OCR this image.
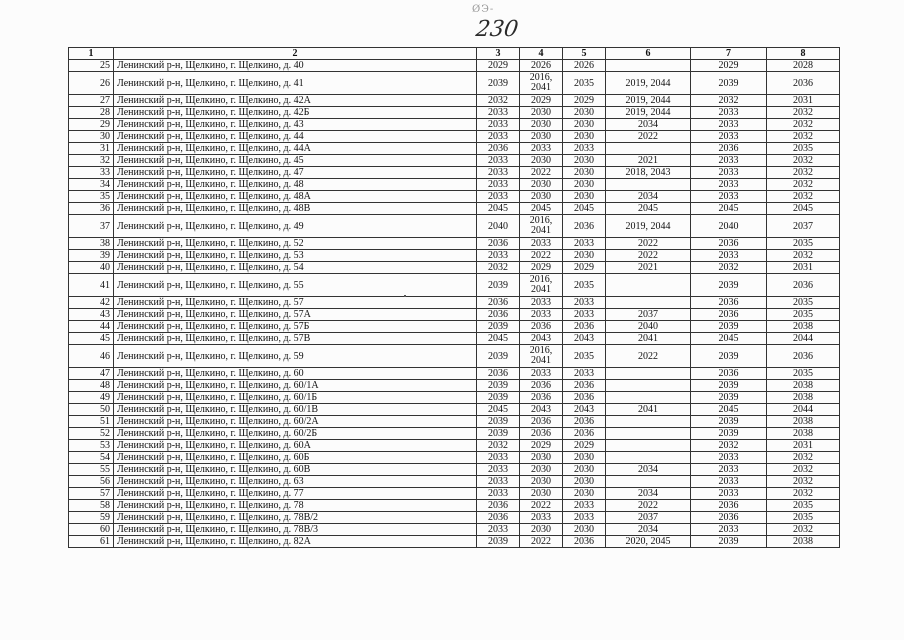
ØЭ-
230
1	2	3	4	5	6	7	8
25	Ленинский р-н, Щелкино, г. Щелкино, д. 40	2029	2026	2026		2029	2028
26	Ленинский р-н, Щелкино, г. Щелкино, д. 41	2039	2016,
2041	2035	2019, 2044	2039	2036
27	Ленинский р-н, Щелкино, г. Щелкино, д. 42А	2032	2029	2029	2019, 2044	2032	2031
28	Ленинский р-н, Щелкино, г. Щелкино, д. 42Б	2033	2030	2030	2019, 2044	2033	2032
29	Ленинский р-н, Щелкино, г. Щелкино, д. 43	2033	2030	2030	2034	2033	2032
30	Ленинский р-н, Щелкино, г. Щелкино, д. 44	2033	2030	2030	2022	2033	2032
31	Ленинский р-н, Щелкино, г. Щелкино, д. 44А	2036	2033	2033		2036	2035
32	Ленинский р-н, Щелкино, г. Щелкино, д. 45	2033	2030	2030	2021	2033	2032
33	Ленинский р-н, Щелкино, г. Щелкино, д. 47	2033	2022	2030	2018, 2043	2033	2032
34	Ленинский р-н, Щелкино, г. Щелкино, д. 48	2033	2030	2030		2033	2032
35	Ленинский р-н, Щелкино, г. Щелкино, д. 48А	2033	2030	2030	2034	2033	2032
36	Ленинский р-н, Щелкино, г. Щелкино, д. 48В	2045	2045	2045	2045	2045	2045
37	Ленинский р-н, Щелкино, г. Щелкино, д. 49	2040	2016,
2041	2036	2019, 2044	2040	2037
38	Ленинский р-н, Щелкино, г. Щелкино, д. 52	2036	2033	2033	2022	2036	2035
39	Ленинский р-н, Щелкино, г. Щелкино, д. 53	2033	2022	2030	2022	2033	2032
40	Ленинский р-н, Щелкино, г. Щелкино, д. 54	2032	2029	2029	2021	2032	2031
41	Ленинский р-н, Щелкино, г. Щелкино, д. 55	2039	2016,
2041	2035		2039	2036
42	Ленинский р-н, Щелкино, г. Щелкино, д. 57	2036	2033	2033		2036	2035
43	Ленинский р-н, Щелкино, г. Щелкино, д. 57А	2036	2033	2033	2037	2036	2035
44	Ленинский р-н, Щелкино, г. Щелкино, д. 57Б	2039	2036	2036	2040	2039	2038
45	Ленинский р-н, Щелкино, г. Щелкино, д. 57В	2045	2043	2043	2041	2045	2044
46	Ленинский р-н, Щелкино, г. Щелкино, д. 59	2039	2016,
2041	2035	2022	2039	2036
47	Ленинский р-н, Щелкино, г. Щелкино, д. 60	2036	2033	2033		2036	2035
48	Ленинский р-н, Щелкино, г. Щелкино, д. 60/1А	2039	2036	2036		2039	2038
49	Ленинский р-н, Щелкино, г. Щелкино, д. 60/1Б	2039	2036	2036		2039	2038
50	Ленинский р-н, Щелкино, г. Щелкино, д. 60/1В	2045	2043	2043	2041	2045	2044
51	Ленинский р-н, Щелкино, г. Щелкино, д. 60/2А	2039	2036	2036		2039	2038
52	Ленинский р-н, Щелкино, г. Щелкино, д. 60/2Б	2039	2036	2036		2039	2038
53	Ленинский р-н, Щелкино, г. Щелкино, д. 60А	2032	2029	2029		2032	2031
54	Ленинский р-н, Щелкино, г. Щелкино, д. 60Б	2033	2030	2030		2033	2032
55	Ленинский р-н, Щелкино, г. Щелкино, д. 60В	2033	2030	2030	2034	2033	2032
56	Ленинский р-н, Щелкино, г. Щелкино, д. 63	2033	2030	2030		2033	2032
57	Ленинский р-н, Щелкино, г. Щелкино, д. 77	2033	2030	2030	2034	2033	2032
58	Ленинский р-н, Щелкино, г. Щелкино, д. 78	2036	2022	2033	2022	2036	2035
59	Ленинский р-н, Щелкино, г. Щелкино, д. 78В/2	2036	2033	2033	2037	2036	2035
60	Ленинский р-н, Щелкино, г. Щелкино, д. 78В/3	2033	2030	2030	2034	2033	2032
61	Ленинский р-н, Щелкино, г. Щелкино, д. 82А	2039	2022	2036	2020, 2045	2039	2038
